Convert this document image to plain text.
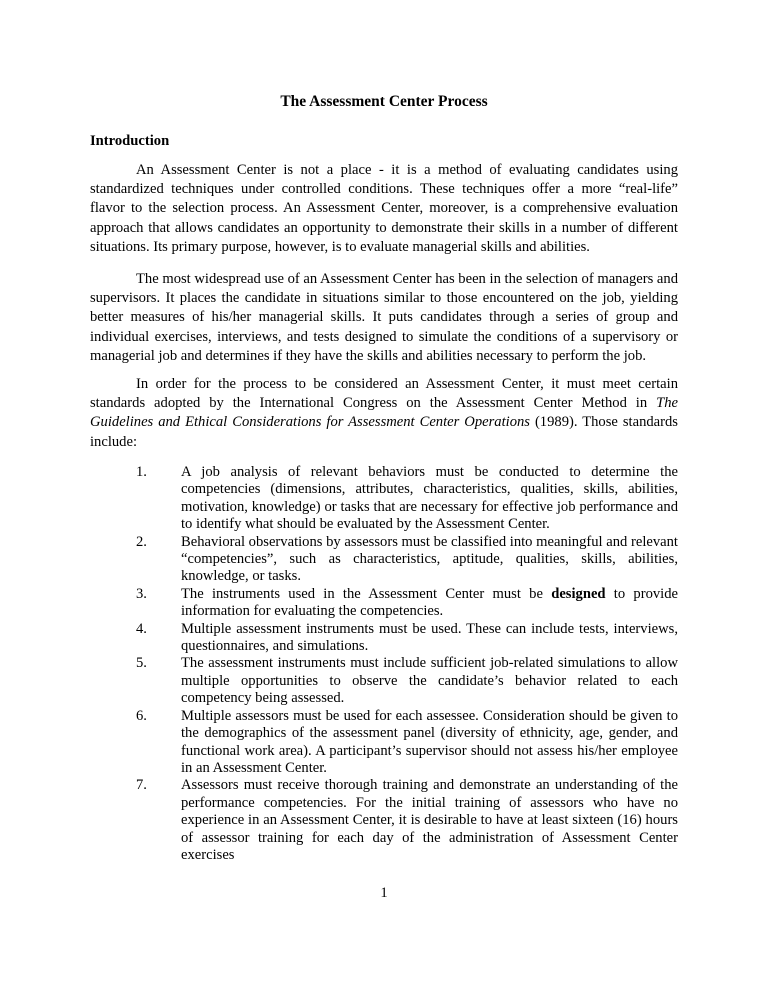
The Assessment Center Process
Introduction

An Assessment Center is not a place - it is a method of evaluating candidates using standardized techniques under controlled conditions. These techniques offer a more “real-life” flavor to the selection process. An Assessment Center, moreover, is a comprehensive evaluation approach that allows candidates an opportunity to demonstrate their skills in a number of different situations. Its primary purpose, however, is to evaluate managerial skills and abilities.

The most widespread use of an Assessment Center has been in the selection of managers and supervisors. It places the candidate in situations similar to those encountered on the job, yielding better measures of his/her managerial skills. It puts candidates through a series of group and individual exercises, interviews, and tests designed to simulate the conditions of a supervisory or managerial job and determines if they have the skills and abilities necessary to perform the job.

In order for the process to be considered an Assessment Center, it must meet certain standards adopted by the International Congress on the Assessment Center Method in The Guidelines and Ethical Considerations for Assessment Center Operations (1989). Those standards include:

1. A job analysis of relevant behaviors must be conducted to determine the competencies (dimensions, attributes, characteristics, qualities, skills, abilities, motivation, knowledge) or tasks that are necessary for effective job performance and to identify what should be evaluated by the Assessment Center.
2. Behavioral observations by assessors must be classified into meaningful and relevant “competencies”, such as characteristics, aptitude, qualities, skills, abilities, knowledge, or tasks.
3. The instruments used in the Assessment Center must be designed to provide information for evaluating the competencies.
4. Multiple assessment instruments must be used. These can include tests, interviews, questionnaires, and simulations.
5. The assessment instruments must include sufficient job-related simulations to allow multiple opportunities to observe the candidate’s behavior related to each competency being assessed.
6. Multiple assessors must be used for each assessee. Consideration should be given to the demographics of the assessment panel (diversity of ethnicity, age, gender, and functional work area). A participant’s supervisor should not assess his/her employee in an Assessment Center.
7. Assessors must receive thorough training and demonstrate an understanding of the performance competencies. For the initial training of assessors who have no experience in an Assessment Center, it is desirable to have at least sixteen (16) hours of assessor training for each day of the administration of Assessment Center exercises
1
